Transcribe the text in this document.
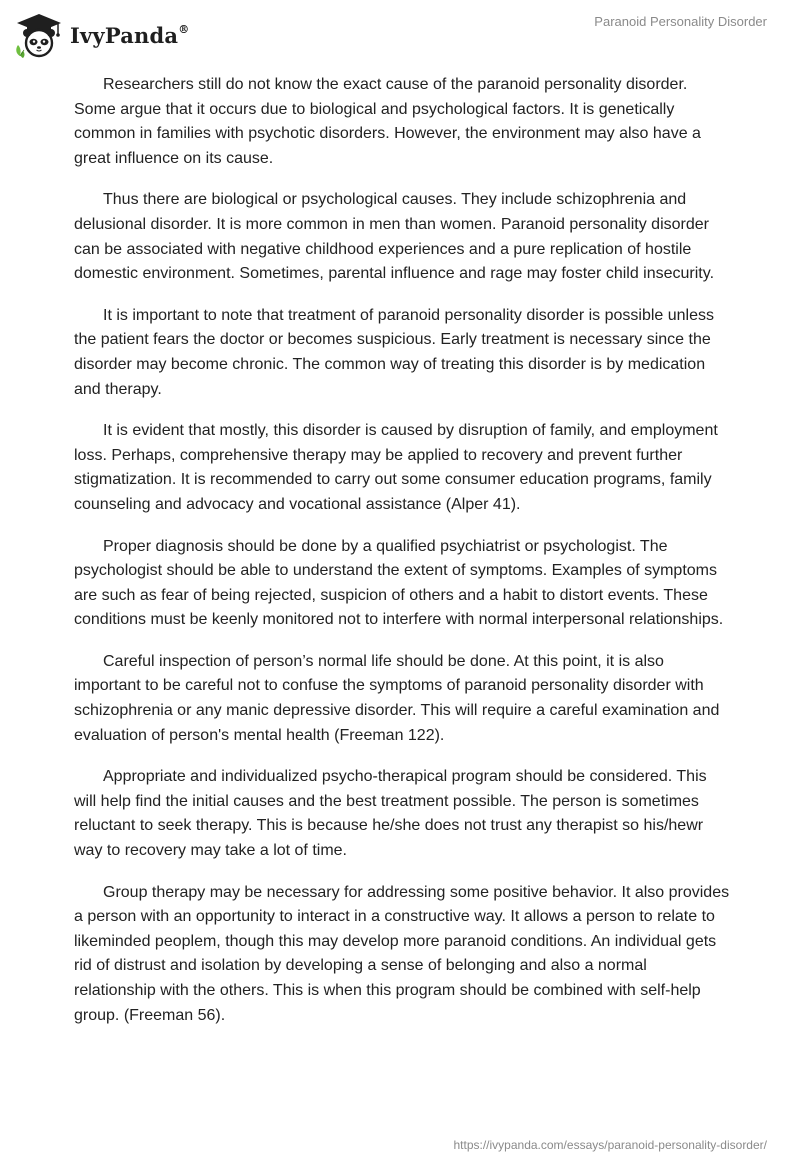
IvyPanda®	Paranoid Personality Disorder

Researchers still do not know the exact cause of the paranoid personality disorder. Some argue that it occurs due to biological and psychological factors. It is genetically common in families with psychotic disorders. However, the environment may also have a great influence on its cause.

Thus there are biological or psychological causes. They include schizophrenia and delusional disorder. It is more common in men than women. Paranoid personality disorder can be associated with negative childhood experiences and a pure replication of hostile domestic environment. Sometimes, parental influence and rage may foster child insecurity.

It is important to note that treatment of paranoid personality disorder is possible unless the patient fears the doctor or becomes suspicious. Early treatment is necessary since the disorder may become chronic. The common way of treating this disorder is by medication and therapy.

It is evident that mostly, this disorder is caused by disruption of family, and employment loss. Perhaps, comprehensive therapy may be applied to recovery and prevent further stigmatization. It is recommended to carry out some consumer education programs, family counseling and advocacy and vocational assistance (Alper 41).

Proper diagnosis should be done by a qualified psychiatrist or psychologist. The psychologist should be able to understand the extent of symptoms. Examples of symptoms are such as fear of being rejected, suspicion of others and a habit to distort events. These conditions must be keenly monitored not to interfere with normal interpersonal relationships.

Careful inspection of person’s normal life should be done. At this point, it is also important to be careful not to confuse the symptoms of paranoid personality disorder with schizophrenia or any manic depressive disorder. This will require a careful examination and evaluation of person's mental health (Freeman 122).

Appropriate and individualized psycho-therapical program should be considered. This will help find the initial causes and the best treatment possible. The person is sometimes reluctant to seek therapy. This is because he/she does not trust any therapist so his/hewr way to recovery may take a lot of time.

Group therapy may be necessary for addressing some positive behavior. It also provides a person with an opportunity to interact in a constructive way. It allows a person to relate to likeminded peoplem, though this may develop more paranoid conditions. An individual gets rid of distrust and isolation by developing a sense of belonging and also a normal relationship with the others. This is when this program should be combined with self-help group. (Freeman 56).

https://ivypanda.com/essays/paranoid-personality-disorder/
